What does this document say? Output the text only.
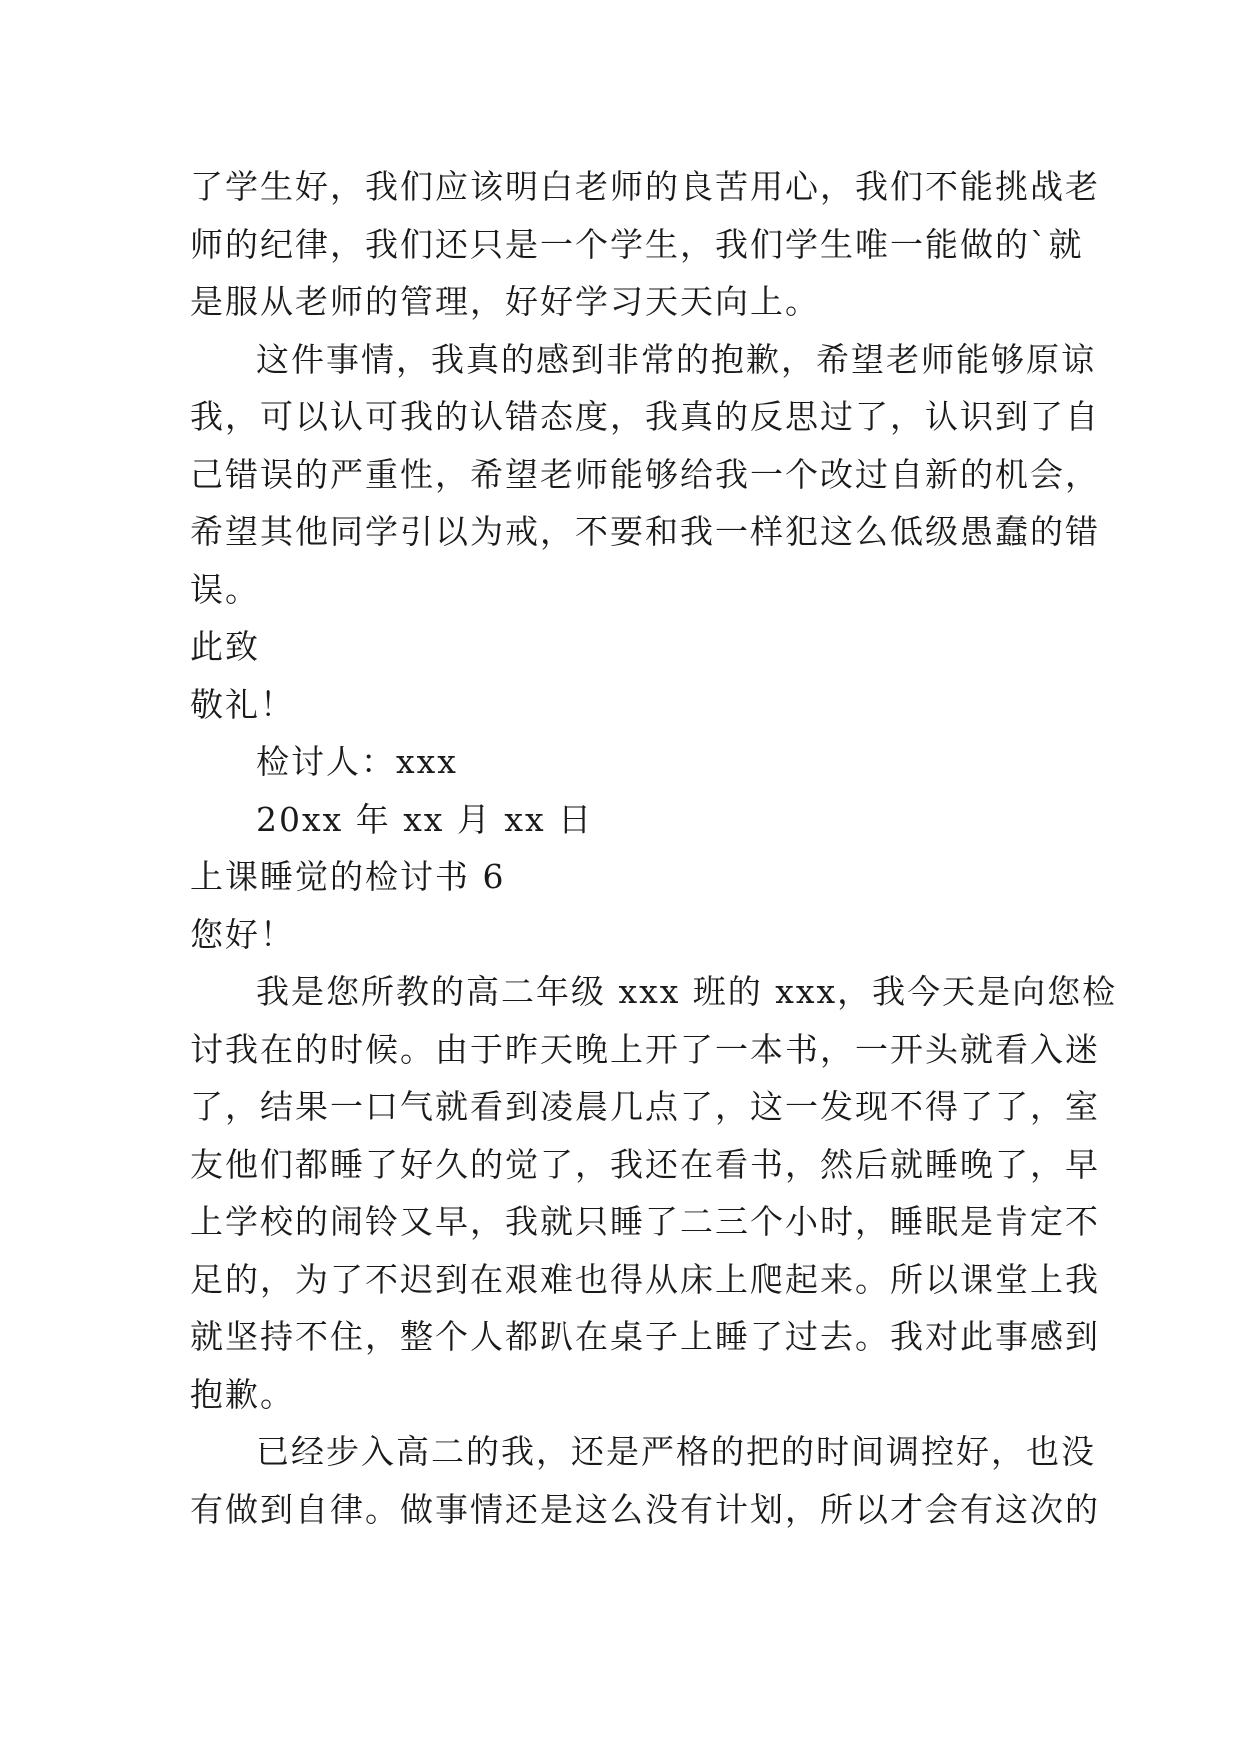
了学生好，我们应该明白老师的良苦用心，我们不能挑战老
师的纪律，我们还只是一个学生，我们学生唯一能做的`就
是服从老师的管理，好好学习天天向上。
这件事情，我真的感到非常的抱歉，希望老师能够原谅
我，可以认可我的认错态度，我真的反思过了，认识到了自
己错误的严重性，希望老师能够给我一个改过自新的机会，
希望其他同学引以为戒，不要和我一样犯这么低级愚蠢的错
误。
此致
敬礼！
检讨人：xxx
20xx 年 xx 月 xx 日
上课睡觉的检讨书 6
您好！
我是您所教的高二年级 xxx 班的 xxx，我今天是向您检
讨我在的时候。由于昨天晚上开了一本书，一开头就看入迷
了，结果一口气就看到凌晨几点了，这一发现不得了了，室
友他们都睡了好久的觉了，我还在看书，然后就睡晚了，早
上学校的闹铃又早，我就只睡了二三个小时，睡眠是肯定不
足的，为了不迟到在艰难也得从床上爬起来。所以课堂上我
就坚持不住，整个人都趴在桌子上睡了过去。我对此事感到
抱歉。
已经步入高二的我，还是严格的把的时间调控好，也没
有做到自律。做事情还是这么没有计划，所以才会有这次的
